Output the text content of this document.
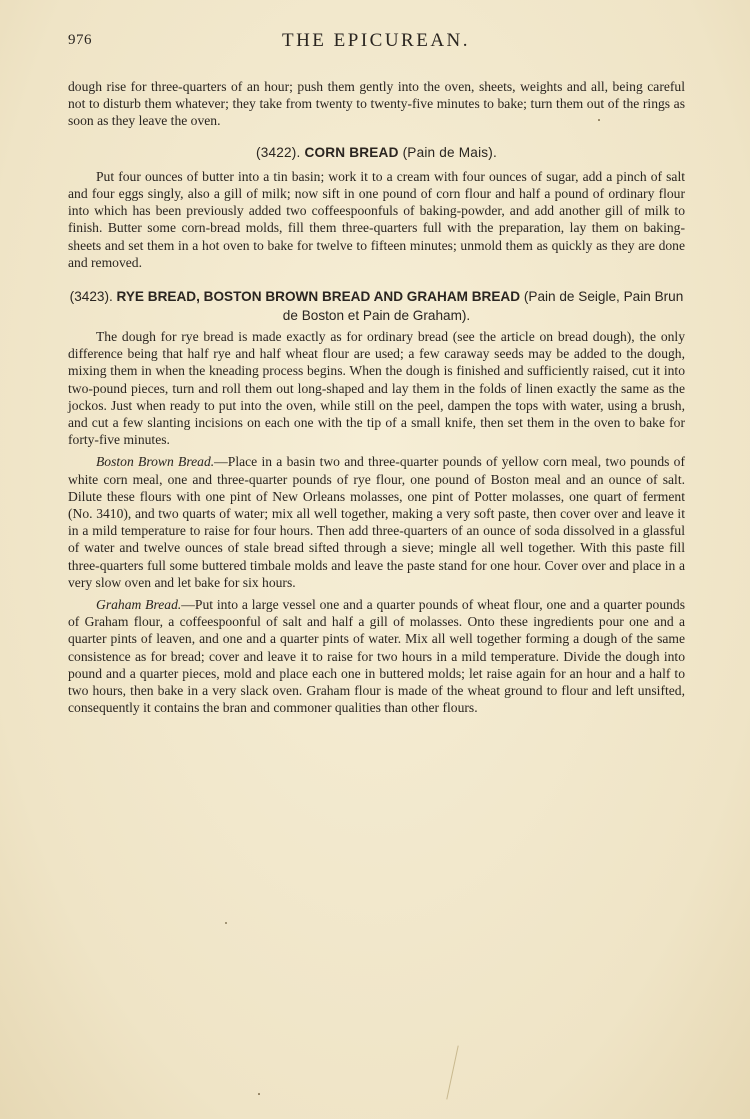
976	THE EPICUREAN.

dough rise for three-quarters of an hour; push them gently into the oven, sheets, weights and all, being careful not to disturb them whatever; they take from twenty to twenty-five minutes to bake; turn them out of the rings as soon as they leave the oven.

(3422). CORN BREAD (Pain de Mais).

Put four ounces of butter into a tin basin; work it to a cream with four ounces of sugar, add a pinch of salt and four eggs singly, also a gill of milk; now sift in one pound of corn flour and half a pound of ordinary flour into which has been previously added two coffeespoonfuls of baking-powder, and add another gill of milk to finish. Butter some corn-bread molds, fill them three-quarters full with the preparation, lay them on baking-sheets and set them in a hot oven to bake for twelve to fifteen minutes; unmold them as quickly as they are done and removed.

(3423). RYE BREAD, BOSTON BROWN BREAD AND GRAHAM BREAD (Pain de Seigle, Pain Brun de Boston et Pain de Graham).

The dough for rye bread is made exactly as for ordinary bread (see the article on bread dough), the only difference being that half rye and half wheat flour are used; a few caraway seeds may be added to the dough, mixing them in when the kneading process begins. When the dough is finished and sufficiently raised, cut it into two-pound pieces, turn and roll them out long-shaped and lay them in the folds of linen exactly the same as the jockos. Just when ready to put into the oven, while still on the peel, dampen the tops with water, using a brush, and cut a few slanting incisions on each one with the tip of a small knife, then set them in the oven to bake for forty-five minutes.

Boston Brown Bread.—Place in a basin two and three-quarter pounds of yellow corn meal, two pounds of white corn meal, one and three-quarter pounds of rye flour, one pound of Boston meal and an ounce of salt. Dilute these flours with one pint of New Orleans molasses, one pint of Potter molasses, one quart of ferment (No. 3410), and two quarts of water; mix all well together, making a very soft paste, then cover over and leave it in a mild temperature to raise for four hours. Then add three-quarters of an ounce of soda dissolved in a glassful of water and twelve ounces of stale bread sifted through a sieve; mingle all well together. With this paste fill three-quarters full some buttered timbale molds and leave the paste stand for one hour. Cover over and place in a very slow oven and let bake for six hours.

Graham Bread.—Put into a large vessel one and a quarter pounds of wheat flour, one and a quarter pounds of Graham flour, a coffeespoonful of salt and half a gill of molasses. Onto these ingredients pour one and a quarter pints of leaven, and one and a quarter pints of water. Mix all well together forming a dough of the same consistence as for bread; cover and leave it to raise for two hours in a mild temperature. Divide the dough into pound and a quarter pieces, mold and place each one in buttered molds; let raise again for an hour and a half to two hours, then bake in a very slack oven. Graham flour is made of the wheat ground to flour and left unsifted, consequently it contains the bran and commoner qualities than other flours.
